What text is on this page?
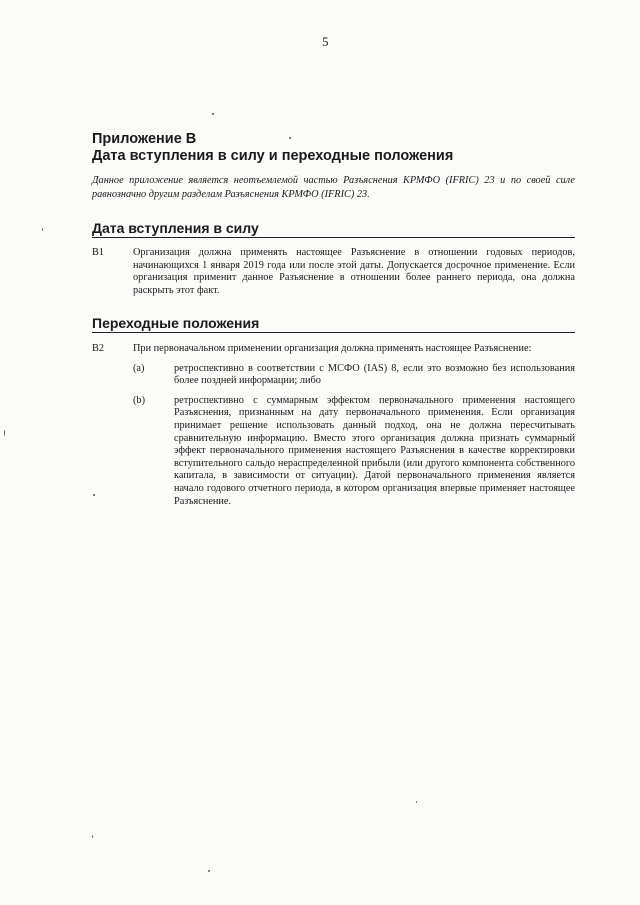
5
Приложение В
Дата вступления в силу и переходные положения
Данное приложение является неотъемлемой частью Разъяснения КРМФО (IFRIC) 23 и по своей силе равнозначно другим разделам Разъяснения КРМФО (IFRIC) 23.
Дата вступления в силу
B1	Организация должна применять настоящее Разъяснение в отношении годовых периодов, начинающихся 1 января 2019 года или после этой даты. Допускается досрочное применение. Если организация применит данное Разъяснение в отношении более раннего периода, она должна раскрыть этот факт.
Переходные положения
B2	При первоначальном применении организация должна применять настоящее Разъяснение:
(a)	ретроспективно в соответствии с МСФО (IAS) 8, если это возможно без использования более поздней информации; либо
(b)	ретроспективно с суммарным эффектом первоначального применения настоящего Разъяснения, признанным на дату первоначального применения. Если организация принимает решение использовать данный подход, она не должна пересчитывать сравнительную информацию. Вместо этого организация должна признать суммарный эффект первоначального применения настоящего Разъяснения в качестве корректировки вступительного сальдо нераспределенной прибыли (или другого компонента собственного капитала, в зависимости от ситуации). Датой первоначального применения является начало годового отчетного периода, в котором организация впервые применяет настоящее Разъяснение.
